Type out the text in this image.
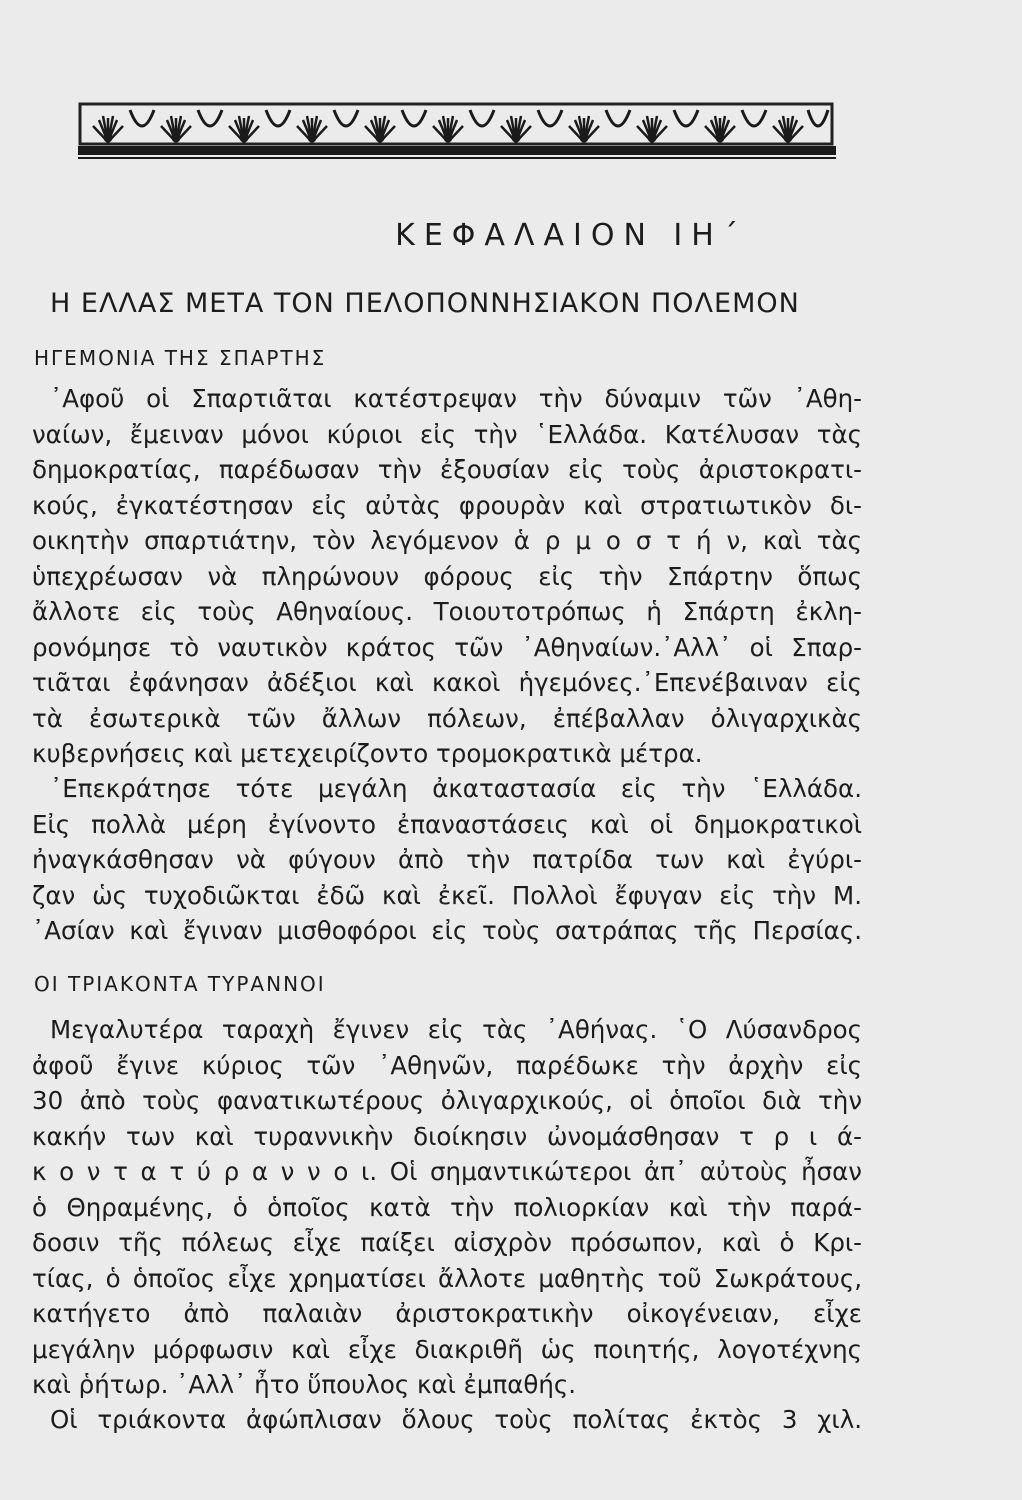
ΚΕΦΑΛΑΙΟΝ ΙΗ΄
Η ΕΛΛΑΣ ΜΕΤΑ ΤΟΝ ΠΕΛΟΠΟΝΝΗΣΙΑΚΟΝ ΠΟΛΕΜΟΝ
ΗΓΕΜΟΝΙΑ ΤΗΣ ΣΠΑΡΤΗΣ
᾿Αφοῦ οἱ Σπαρτιᾶται κατέστρεψαν τὴν δύναμιν τῶν ᾿Αθη-
ναίων, ἔμειναν μόνοι κύριοι εἰς τὴν ῾Ελλάδα. Κατέλυσαν τὰς
δημοκρατίας, παρέδωσαν τὴν ἐξουσίαν εἰς τοὺς ἀριστοκρατι-
κούς, ἐγκατέστησαν εἰς αὐτὰς φρουρὰν καὶ στρατιωτικὸν δι-
οικητὴν σπαρτιάτην, τὸν λεγόμενον ἁ ρ μ ο σ τ ή ν, καὶ τὰς
ὑπεχρέωσαν νὰ πληρώνουν φόρους εἰς τὴν Σπάρτην ὅπως
ἄλλοτε εἰς τοὺς Αθηναίους. Τοιουτοτρόπως ἡ Σπάρτη ἐκλη-
ρονόμησε τὸ ναυτικὸν κράτος τῶν ᾿Αθηναίων.᾿Αλλ᾿ οἱ Σπαρ-
τιᾶται ἐφάνησαν ἀδέξιοι καὶ κακοὶ ἡγεμόνες.᾿Επενέβαιναν εἰς
τὰ ἐσωτερικὰ τῶν ἄλλων πόλεων, ἐπέβαλλαν ὀλιγαρχικὰς
κυβερνήσεις καὶ μετεχειρίζοντο τρομοκρατικὰ μέτρα.
᾿Επεκράτησε τότε μεγάλη ἀκαταστασία εἰς τὴν ῾Ελλάδα.
Εἰς πολλὰ μέρη ἐγίνοντο ἐπαναστάσεις καὶ οἱ δημοκρατικοὶ
ἠναγκάσθησαν νὰ φύγουν ἀπὸ τὴν πατρίδα των καὶ ἐγύρι-
ζαν ὡς τυχοδιῶκται ἐδῶ καὶ ἐκεῖ. Πολλοὶ ἔφυγαν εἰς τὴν Μ.
᾿Ασίαν καὶ ἔγιναν μισθοφόροι εἰς τοὺς σατράπας τῆς Περσίας.
ΟΙ ΤΡΙΑΚΟΝΤΑ ΤΥΡΑΝΝΟΙ
Μεγαλυτέρα ταραχὴ ἔγινεν εἰς τὰς ᾿Αθήνας. ῾Ο Λύσανδρος
ἀφοῦ ἔγινε κύριος τῶν ᾿Αθηνῶν, παρέδωκε τὴν ἀρχὴν εἰς
30 ἀπὸ τοὺς φανατικωτέρους ὀλιγαρχικούς, οἱ ὁποῖοι διὰ τὴν
κακήν των καὶ τυραννικὴν διοίκησιν ὠνομάσθησαν τ ρ ι ά-
κ ο ν τ α τ ύ ρ α ν ν ο ι. Οἱ σημαντικώτεροι ἀπ᾿ αὐτοὺς ἦσαν
ὁ Θηραμένης, ὁ ὁποῖος κατὰ τὴν πολιορκίαν καὶ τὴν παρά-
δοσιν τῆς πόλεως εἶχε παίξει αἰσχρὸν πρόσωπον, καὶ ὁ Κρι-
τίας, ὁ ὁποῖος εἶχε χρηματίσει ἄλλοτε μαθητὴς τοῦ Σωκράτους,
κατήγετο ἀπὸ παλαιὰν ἀριστοκρατικὴν οἰκογένειαν, εἶχε
μεγάλην μόρφωσιν καὶ εἶχε διακριθῆ ὡς ποιητής, λογοτέχνης
καὶ ῥήτωρ. ᾿Αλλ᾿ ἦτο ὕπουλος καὶ ἐμπαθής.
Οἱ τριάκοντα ἀφώπλισαν ὅλους τοὺς πολίτας ἐκτὸς 3 χιλ.
